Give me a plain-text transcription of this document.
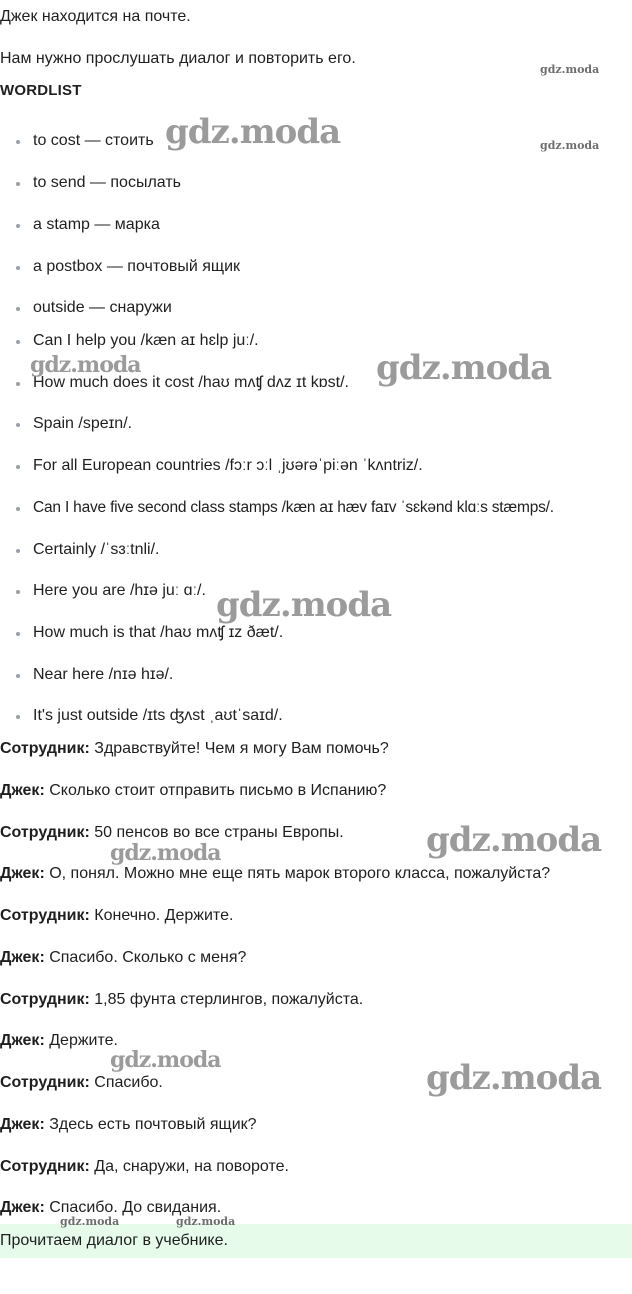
Джек находится на почте.
Нам нужно прослушать диалог и повторить его.
WORDLIST
to cost — стоить
to send — посылать
a stamp — марка
a postbox — почтовый ящик
outside — снаружи
Can I help you /kæn aɪ hɛlp juː/.
How much does it cost /haʊ mʌʧ dʌz ɪt kɒst/.
Spain /speɪn/.
For all European countries /fɔːr ɔːl ˌjʊərəˈpiːən ˈkʌntriz/.
Can I have five second class stamps /kæn aɪ hæv faɪv ˈsɛkənd klɑːs stæmps/.
Certainly /ˈsɜːtnli/.
Here you are /hɪə juː ɑː/.
How much is that /haʊ mʌʧ ɪz ðæt/.
Near here /nɪə hɪə/.
It's just outside /ɪts ʤʌst ˌaʊtˈsaɪd/.
Сотрудник: Здравствуйте! Чем я могу Вам помочь?
Джек: Сколько стоит отправить письмо в Испанию?
Сотрудник: 50 пенсов во все страны Европы.
Джек: О, понял. Можно мне еще пять марок второго класса, пожалуйста?
Сотрудник: Конечно. Держите.
Джек: Спасибо. Сколько с меня?
Сотрудник: 1,85 фунта стерлингов, пожалуйста.
Джек: Держите.
Сотрудник: Спасибо.
Джек: Здесь есть почтовый ящик?
Сотрудник: Да, снаружи, на повороте.
Джек: Спасибо. До свидания.
Прочитаем диалог в учебнике.
gdz.moda
gdz.moda	gdz.moda
gdz.moda	gdz.moda
gdz.moda
gdz.moda
gdz.moda
gdz.moda	gdz.moda
gdz.moda	gdz.moda
